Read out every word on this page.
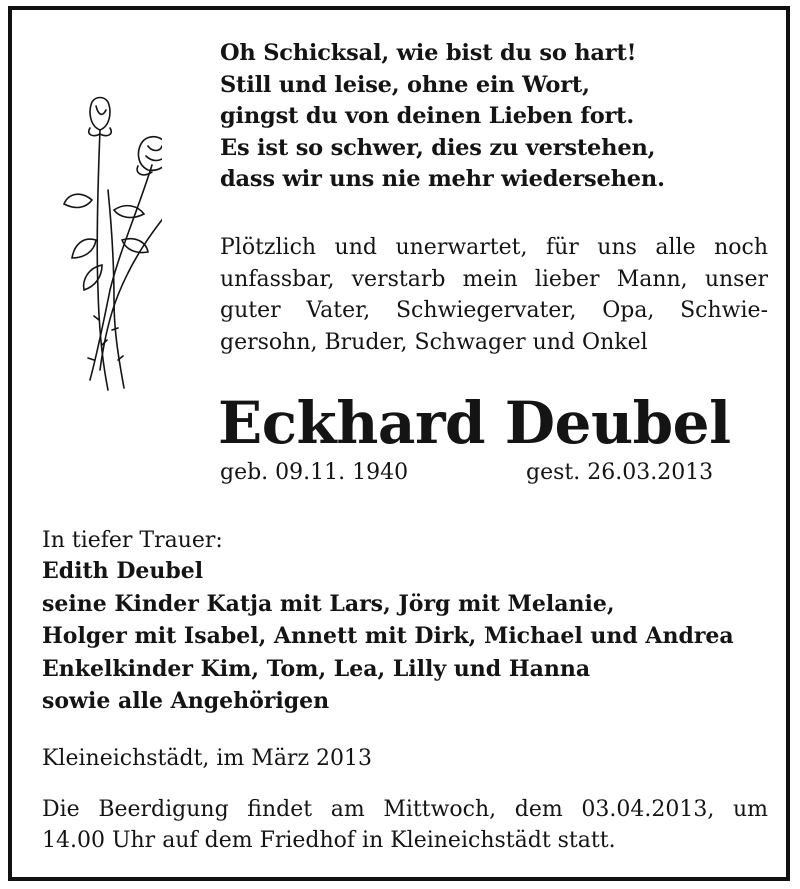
Oh Schicksal, wie bist du so hart!
Still und leise, ohne ein Wort,
gingst du von deinen Lieben fort.
Es ist so schwer, dies zu verstehen,
dass wir uns nie mehr wiedersehen.
Plötzlich und unerwartet, für uns alle noch
unfassbar, verstarb mein lieber Mann, unser
guter Vater, Schwiegervater, Opa, Schwie-
gersohn, Bruder, Schwager und Onkel
Eckhard Deubel
geb. 09.11. 1940	gest. 26.03.2013
In tiefer Trauer:
Edith Deubel
seine Kinder Katja mit Lars, Jörg mit Melanie,
Holger mit Isabel, Annett mit Dirk, Michael und Andrea
Enkelkinder Kim, Tom, Lea, Lilly und Hanna
sowie alle Angehörigen
Kleineichstädt, im März 2013
Die Beerdigung findet am Mittwoch, dem 03.04.2013, um
14.00 Uhr auf dem Friedhof in Kleineichstädt statt.
